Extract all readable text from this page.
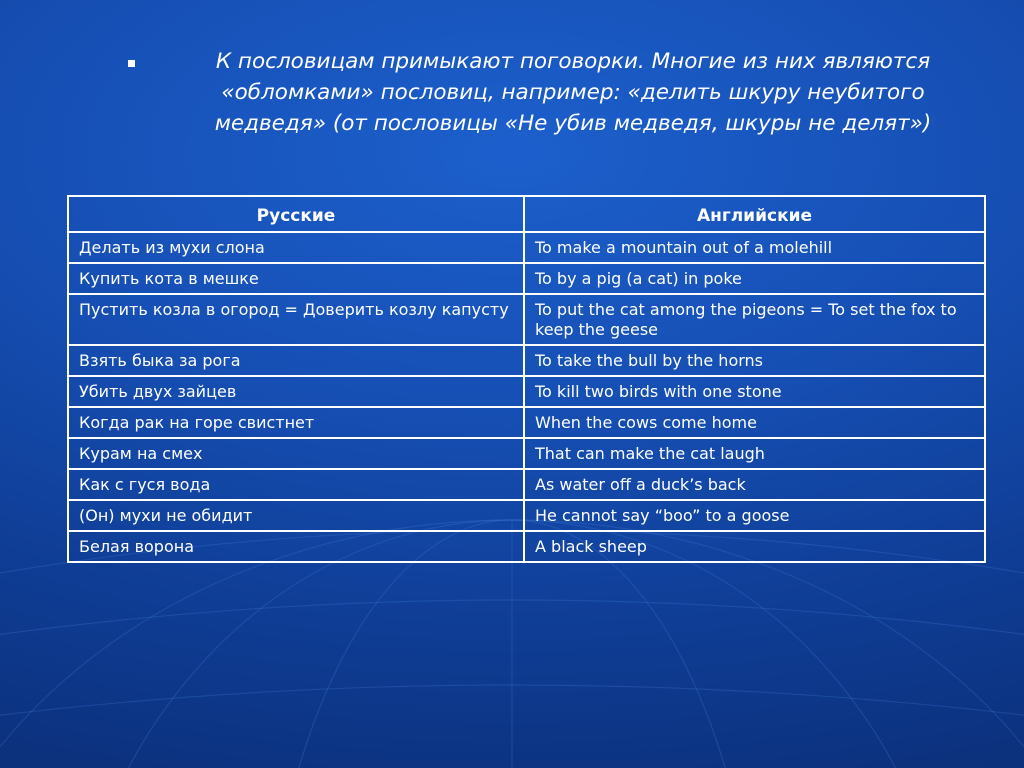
К пословицам примыкают поговорки. Многие из них являются «обломками» пословиц, например: «делить шкуру неубитого медведя» (от пословицы «Не убив медведя, шкуры не делят»)
Русские	Английские
Делать из мухи слона	To make a mountain out of a molehill
Купить кота в мешке	To by a pig (a cat) in poke
Пустить козла в огород = Доверить козлу капусту	To put the cat among the pigeons = To set the fox to keep the geese
Взять быка за рога	To take the bull by the horns
Убить двух зайцев	To kill two birds with one stone
Когда рак на горе свистнет	When the cows come home
Курам на смех	That can make the cat laugh
Как с гуся вода	As water off a duck’s back
(Он) мухи не обидит	He cannot say “boo” to a goose
Белая ворона	A black sheep
